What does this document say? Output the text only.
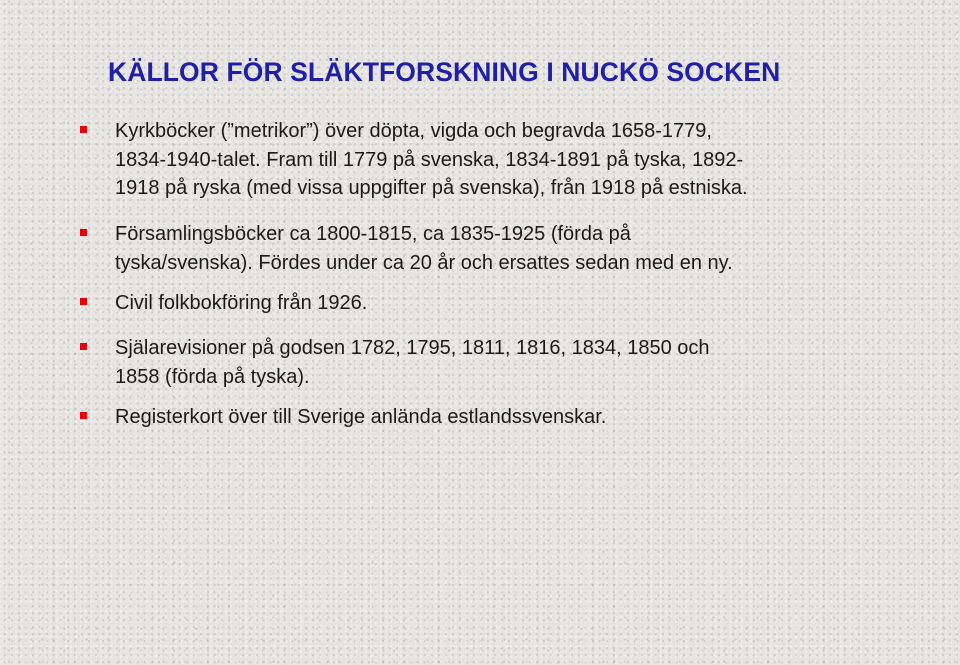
KÄLLOR FÖR SLÄKTFORSKNING I NUCKÖ SOCKEN

Kyrkböcker (”metrikor”) över döpta, vigda och begravda 1658-1779,
1834-1940-talet. Fram till 1779 på svenska, 1834-1891 på tyska, 1892-
1918 på ryska (med vissa uppgifter på svenska), från 1918 på estniska.

Församlingsböcker ca 1800-1815, ca 1835-1925 (förda på
tyska/svenska). Fördes under ca 20 år och ersattes sedan med en ny.

Civil folkbokföring från 1926.

Själarevisioner på godsen 1782, 1795, 1811, 1816, 1834, 1850 och
1858 (förda på tyska).

Registerkort över till Sverige anlända estlandssvenskar.
